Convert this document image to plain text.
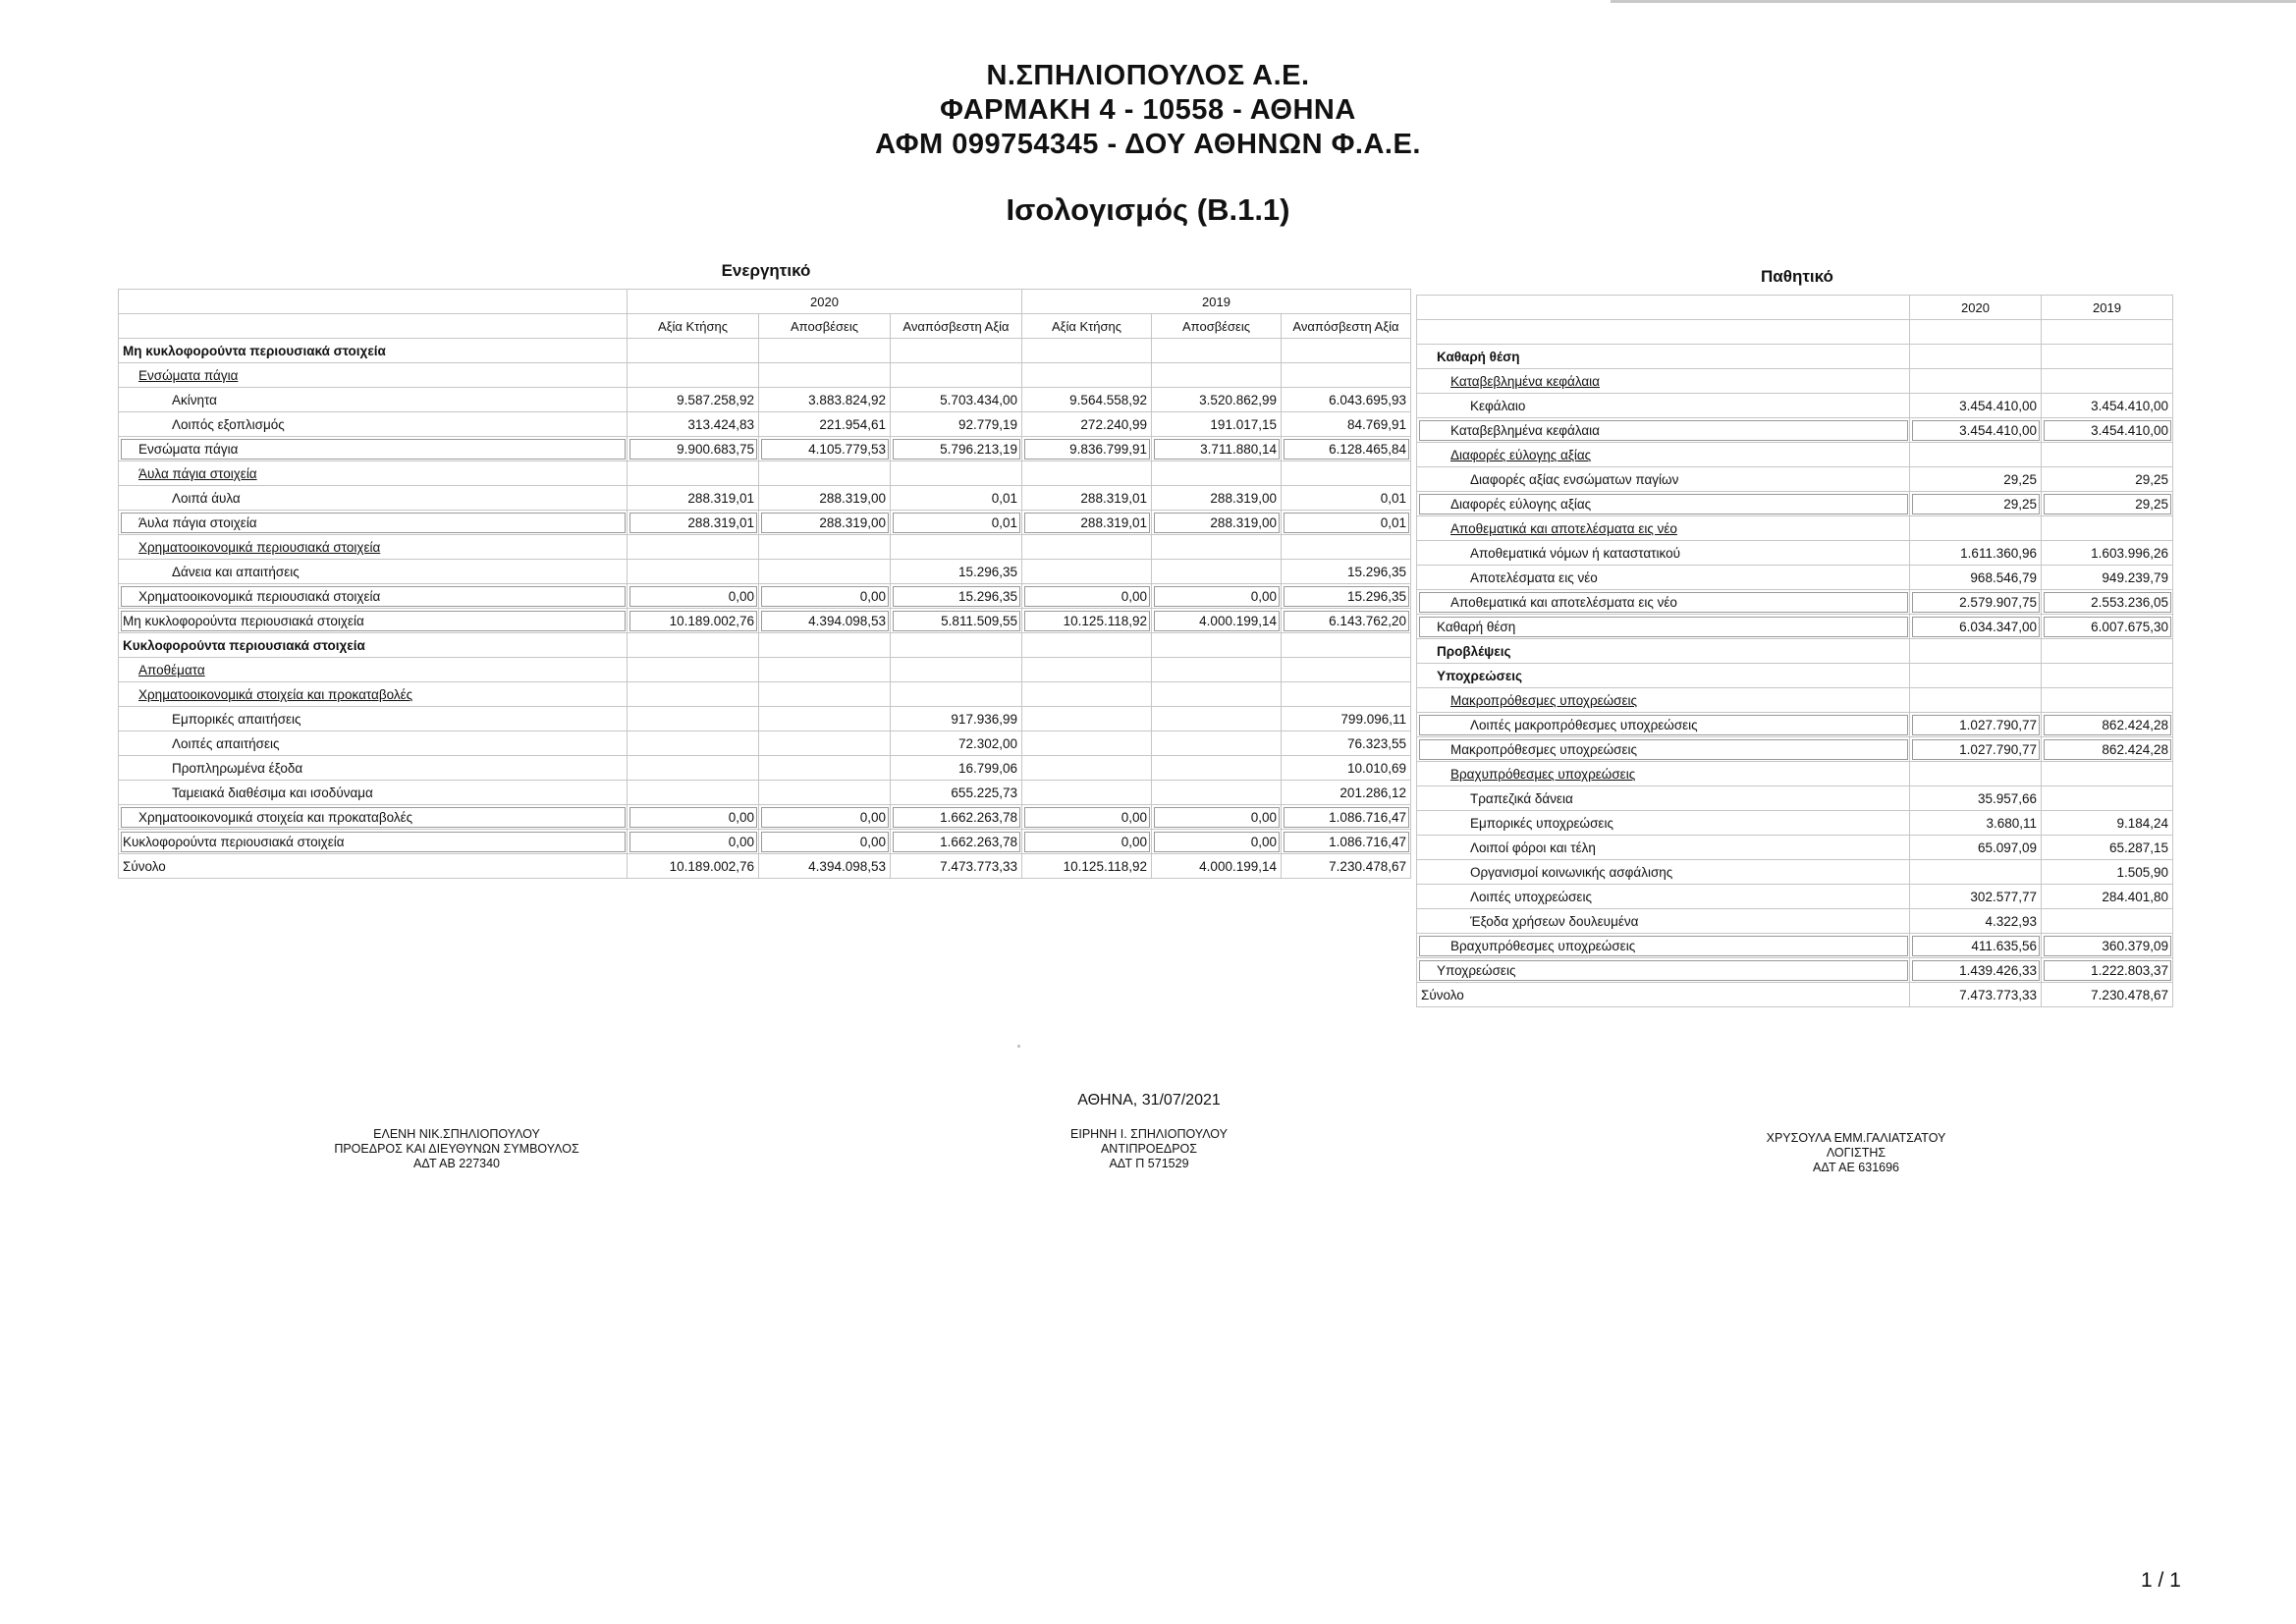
Ν.ΣΠΗΛΙΟΠΟΥΛΟΣ Α.Ε.
ΦΑΡΜΑΚΗ 4 - 10558 - ΑΘΗΝΑ
ΑΦΜ 099754345 - ΔΟΥ ΑΘΗΝΩΝ Φ.Α.Ε.
Ισολογισμός (Β.1.1)
Ενεργητικό	Παθητικό
	2020			2019		
	Αξία Κτήσης	Αποσβέσεις	Αναπόσβεστη Αξία	Αξία Κτήσης	Αποσβέσεις	Αναπόσβεστη Αξία
Μη κυκλοφορούντα περιουσιακά στοιχεία						
Ενσώματα πάγια						
Ακίνητα	9.587.258,92	3.883.824,92	5.703.434,00	9.564.558,92	3.520.862,99	6.043.695,93
Λοιπός εξοπλισμός	313.424,83	221.954,61	92.779,19	272.240,99	191.017,15	84.769,91
Ενσώματα πάγια	9.900.683,75	4.105.779,53	5.796.213,19	9.836.799,91	3.711.880,14	6.128.465,84
Άυλα πάγια στοιχεία						
Λοιπά άυλα	288.319,01	288.319,00	0,01	288.319,01	288.319,00	0,01
Άυλα πάγια στοιχεία	288.319,01	288.319,00	0,01	288.319,01	288.319,00	0,01
Χρηματοοικονομικά περιουσιακά στοιχεία						
Δάνεια και απαιτήσεις			15.296,35			15.296,35
Χρηματοοικονομικά περιουσιακά στοιχεία	0,00	0,00	15.296,35	0,00	0,00	15.296,35
Μη κυκλοφορούντα περιουσιακά στοιχεία	10.189.002,76	4.394.098,53	5.811.509,55	10.125.118,92	4.000.199,14	6.143.762,20
Κυκλοφορούντα περιουσιακά στοιχεία						
Αποθέματα						
Χρηματοοικονομικά στοιχεία και προκαταβολές						
Εμπορικές απαιτήσεις			917.936,99			799.096,11
Λοιπές απαιτήσεις			72.302,00			76.323,55
Προπληρωμένα έξοδα			16.799,06			10.010,69
Ταμειακά διαθέσιμα και ισοδύναμα			655.225,73			201.286,12
Χρηματοοικονομικά στοιχεία και προκαταβολές	0,00	0,00	1.662.263,78	0,00	0,00	1.086.716,47
Κυκλοφορούντα περιουσιακά στοιχεία	0,00	0,00	1.662.263,78	0,00	0,00	1.086.716,47
Σύνολο	10.189.002,76	4.394.098,53	7.473.773,33	10.125.118,92	4.000.199,14	7.230.478,67
	2020	2019

Καθαρή θέση		
Καταβεβλημένα κεφάλαια		
Κεφάλαιο	3.454.410,00	3.454.410,00
Καταβεβλημένα κεφάλαια	3.454.410,00	3.454.410,00
Διαφορές εύλογης αξίας		
Διαφορές αξίας ενσώματων παγίων	29,25	29,25
Διαφορές εύλογης αξίας	29,25	29,25
Αποθεματικά και αποτελέσματα εις νέο		
Αποθεματικά νόμων ή καταστατικού	1.611.360,96	1.603.996,26
Αποτελέσματα εις νέο	968.546,79	949.239,79
Αποθεματικά και αποτελέσματα εις νέο	2.579.907,75	2.553.236,05
Καθαρή θέση	6.034.347,00	6.007.675,30
Προβλέψεις		
Υποχρεώσεις		
Μακροπρόθεσμες υποχρεώσεις		
Λοιπές μακροπρόθεσμες υποχρεώσεις	1.027.790,77	862.424,28
Μακροπρόθεσμες υποχρεώσεις	1.027.790,77	862.424,28
Βραχυπρόθεσμες υποχρεώσεις		
Τραπεζικά δάνεια	35.957,66	
Εμπορικές υποχρεώσεις	3.680,11	9.184,24
Λοιποί φόροι και τέλη	65.097,09	65.287,15
Οργανισμοί κοινωνικής ασφάλισης		1.505,90
Λοιπές υποχρεώσεις	302.577,77	284.401,80
Έξοδα χρήσεων δουλευμένα	4.322,93	
Βραχυπρόθεσμες υποχρεώσεις	411.635,56	360.379,09
Υποχρεώσεις	1.439.426,33	1.222.803,37
Σύνολο	7.473.773,33	7.230.478,67
ΑΘΗΝΑ, 31/07/2021
ΕΛΕΝΗ ΝΙΚ.ΣΠΗΛΙΟΠΟΥΛΟΥ
ΠΡΟΕΔΡΟΣ ΚΑΙ ΔΙΕΥΘΥΝΩΝ ΣΥΜΒΟΥΛΟΣ
ΑΔΤ ΑΒ 227340
ΕΙΡΗΝΗ Ι. ΣΠΗΛΙΟΠΟΥΛΟΥ
ΑΝΤΙΠΡΟΕΔΡΟΣ
ΑΔΤ Π 571529
ΧΡΥΣΟΥΛΑ ΕΜΜ.ΓΑΛΙΑΤΣΑΤΟΥ
ΛΟΓΙΣΤΗΣ
ΑΔΤ ΑΕ 631696
1 / 1
